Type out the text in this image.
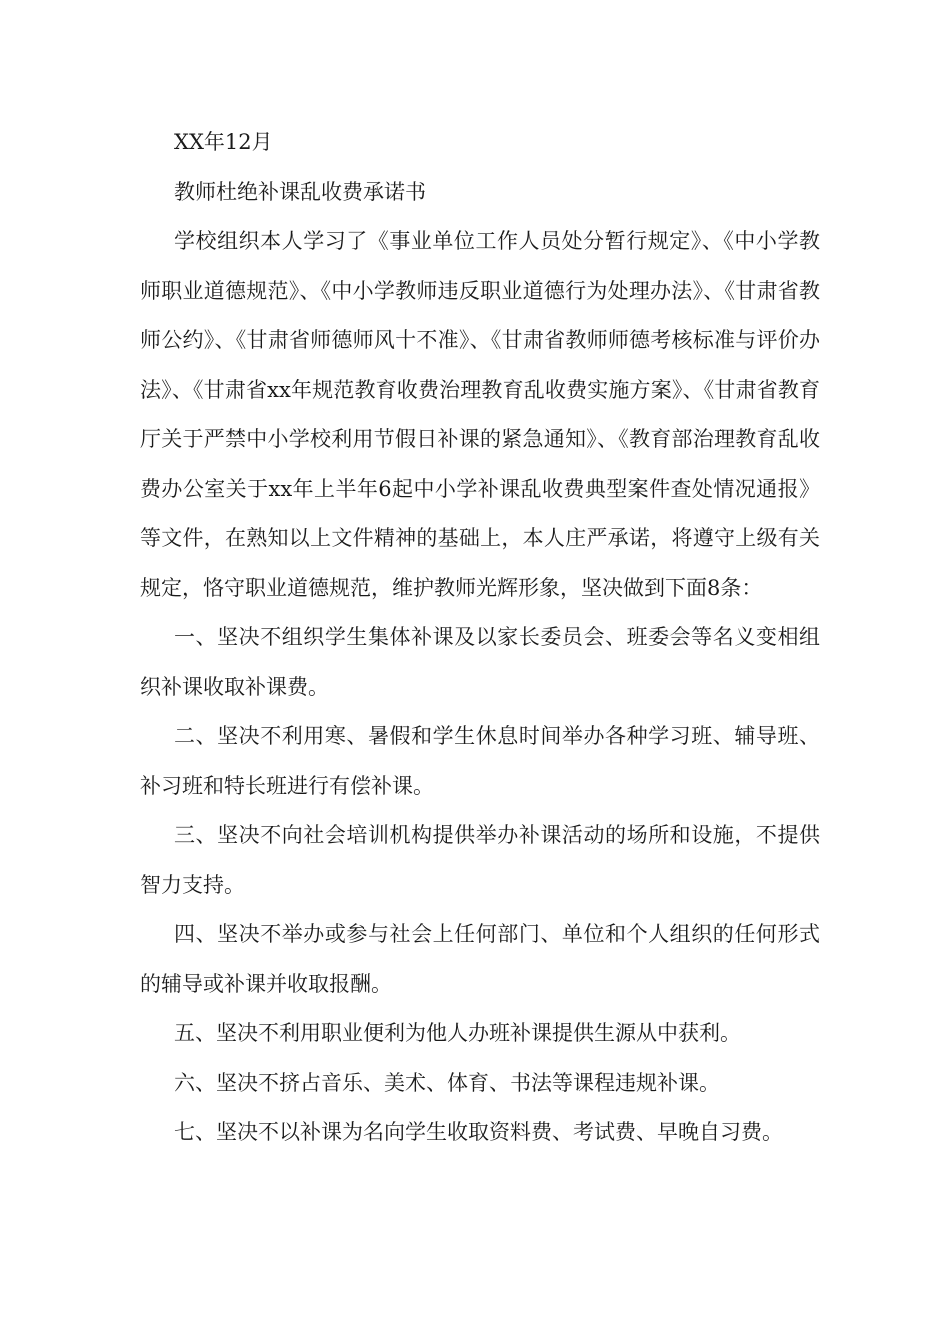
XX年12月

教师杜绝补课乱收费承诺书

学校组织本人学习了《事业单位工作人员处分暂行规定》、《中小学教师职业道德规范》、《中小学教师违反职业道德行为处理办法》、《甘肃省教师公约》、《甘肃省师德师风十不准》、《甘肃省教师师德考核标准与评价办法》、《甘肃省xx年规范教育收费治理教育乱收费实施方案》、《甘肃省教育厅关于严禁中小学校利用节假日补课的紧急通知》、《教育部治理教育乱收费办公室关于xx年上半年6起中小学补课乱收费典型案件查处情况通报》等文件，在熟知以上文件精神的基础上，本人庄严承诺，将遵守上级有关规定，恪守职业道德规范，维护教师光辉形象，坚决做到下面8条：

一、坚决不组织学生集体补课及以家长委员会、班委会等名义变相组织补课收取补课费。

二、坚决不利用寒、暑假和学生休息时间举办各种学习班、辅导班、补习班和特长班进行有偿补课。

三、坚决不向社会培训机构提供举办补课活动的场所和设施，不提供智力支持。

四、坚决不举办或参与社会上任何部门、单位和个人组织的任何形式的辅导或补课并收取报酬。

五、坚决不利用职业便利为他人办班补课提供生源从中获利。

六、坚决不挤占音乐、美术、体育、书法等课程违规补课。

七、坚决不以补课为名向学生收取资料费、考试费、早晚自习费。
